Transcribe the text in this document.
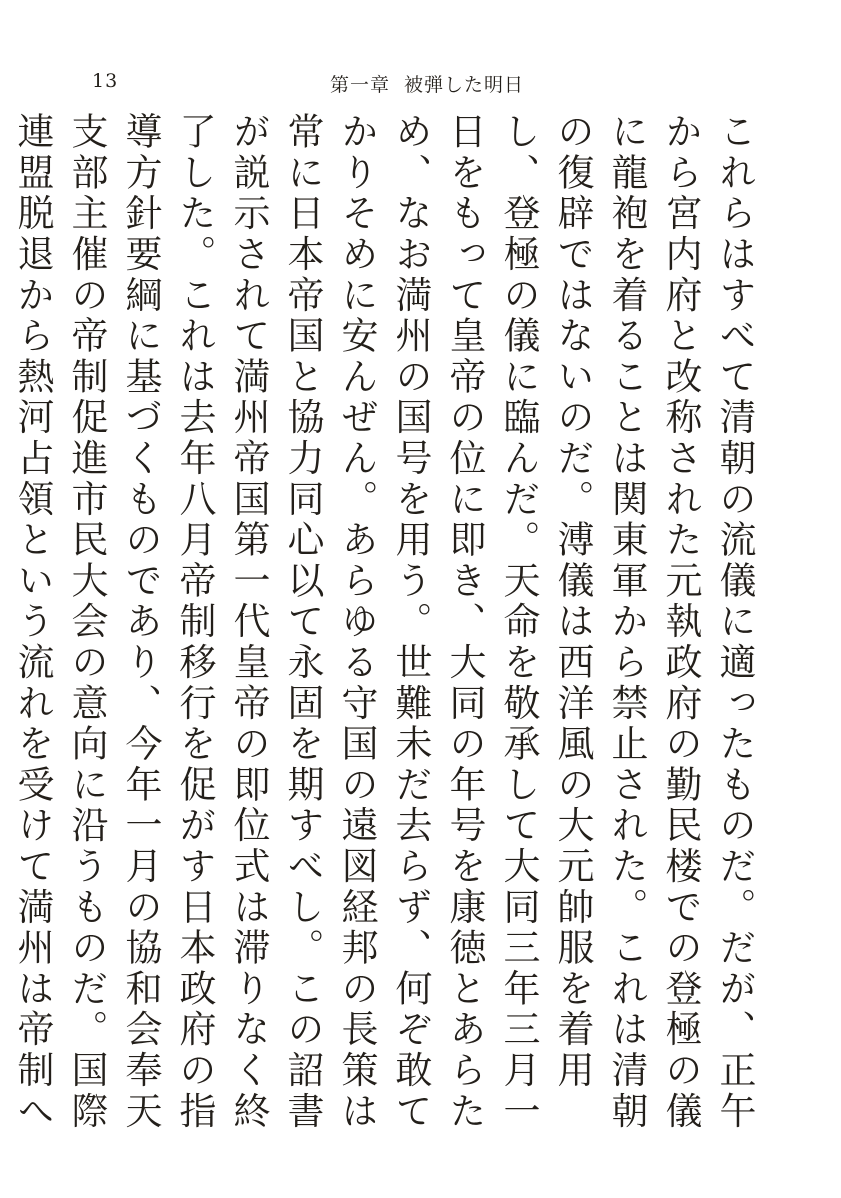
13	第一章 被弾した明日

これらはすべて清朝の流儀に適ったものだ。だが、正午から宮内府と改称された元執政府の勤民楼での登極の儀に龍袍を着ることは関東軍から禁止された。これは清朝の復辟ではないのだ。溥儀は西洋風の大元帥服を着用し、登極の儀に臨んだ。天命を敬承して大同三年三月一日をもって皇帝の位に即き、大同の年号を康徳とあらため、なお満州の国号を用う。世難未だ去らず、何ぞ敢てかりそめに安んぜん。あらゆる守国の遠図経邦の長策は常に日本帝国と協力同心以て永固を期すべし。この詔書が説示されて満州帝国第一代皇帝の即位式は滞りなく終了した。これは去年八月帝制移行を促がす日本政府の指導方針要綱に基づくものであり、今年一月の協和会奉天支部主催の帝制促進市民大会の意向に沿うものだ。国際連盟脱退から熱河占領という流れを受けて満州は帝制へ
